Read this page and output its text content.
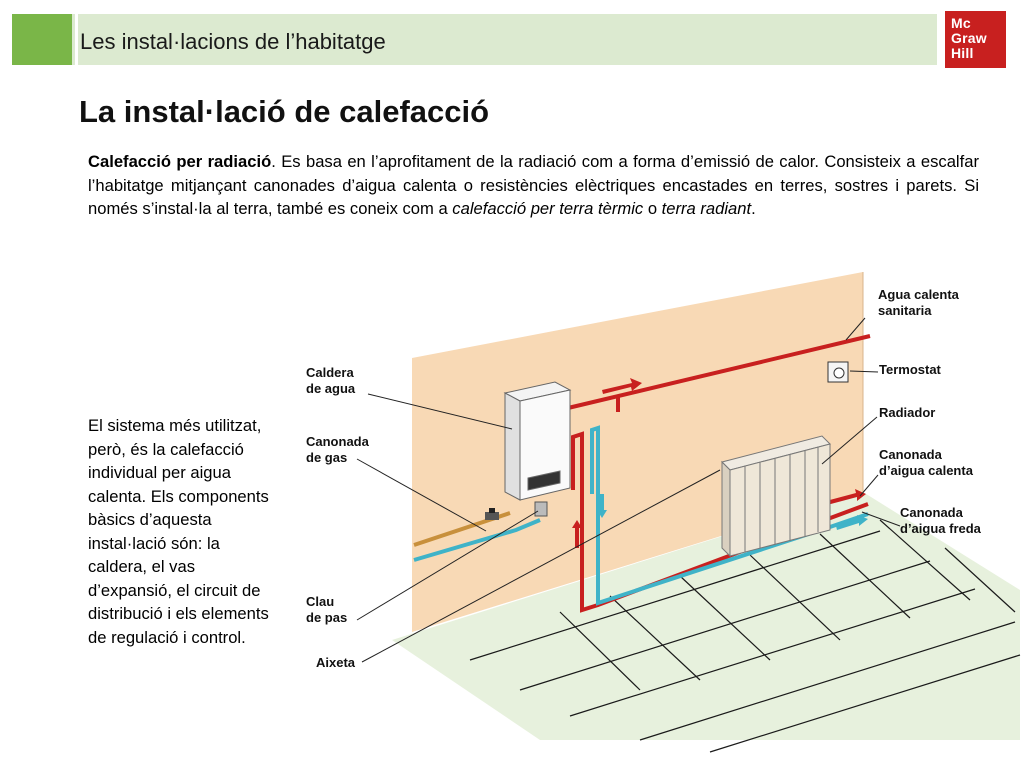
Les instal·lacions de l’habitatge
Mc
Graw
Hill
La instal·lació de calefacció

Calefacció per radiació. Es basa en l’aprofitament de la radiació com a forma d’emissió de calor. Consisteix a escalfar l’habitatge mitjançant canonades d’aigua calenta o resistències elèctriques encastades en terres, sostres i parets. Si només s’instal·la al terra, també es coneix com a calefacció per terra tèrmic o terra radiant.

El sistema més utilitzat, però, és la calefacció individual per aigua calenta. Els components bàsics d’aquesta instal·lació són: la caldera, el vas d’expansió, el circuit de distribució i els elements de regulació i control.

Agua calenta
sanitaria
Termostat
Radiador
Canonada
d’aigua calenta
Canonada
d’aigua freda
Caldera
de agua
Canonada
de gas
Clau
de pas
Aixeta
